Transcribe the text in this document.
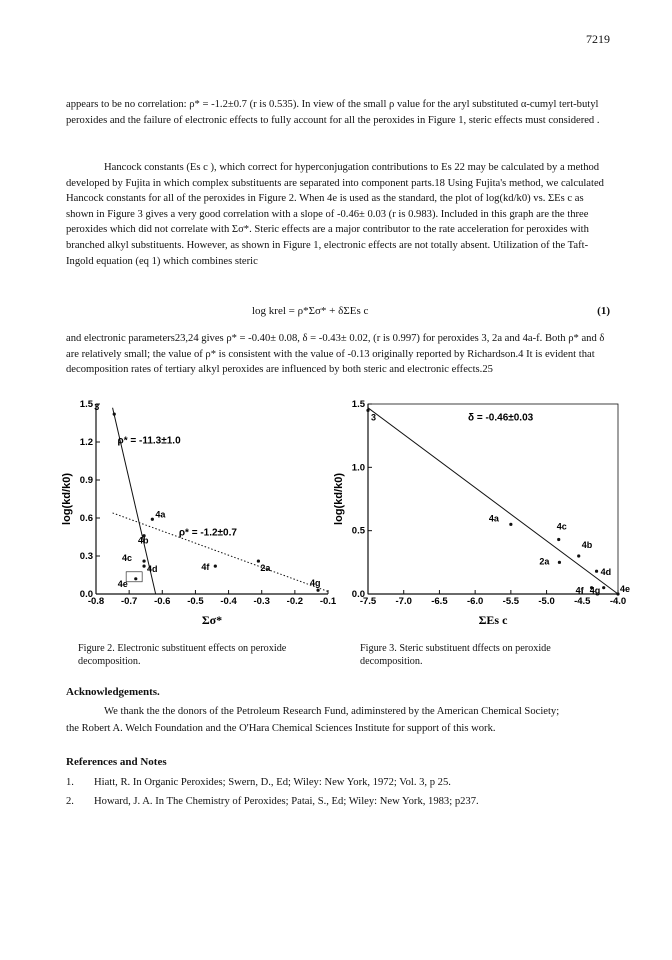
7219

appears to be no correlation: ρ* = -1.2±0.7 (r is 0.535). In view of the small ρ value for the aryl substituted α-cumyl tert-butyl peroxides and the failure of electronic effects to fully account for all the peroxides in Figure 1, steric effects must considered .

Hancock constants (Es c ), which correct for hyperconjugation contributions to Es 22 may be calculated by a method developed by Fujita in which complex substituents are separated into component parts.18 Using Fujita's method, we calculated Hancock constants for all of the peroxides in Figure 2. When 4e is used as the standard, the plot of log(kd/k0) vs. ΣEs c as shown in Figure 3 gives a very good correlation with a slope of -0.46± 0.03 (r is 0.983). Included in this graph are the three peroxides which did not correlate with Σσ*. Steric effects are a major contributor to the rate acceleration for peroxides with branched alkyl substituents. However, as shown in Figure 1, electronic effects are not totally absent. Utilization of the Taft-Ingold equation (eq 1) which combines steric

log krel = ρ*Σσ* + δΣEs c	(1)

and electronic parameters23,24 gives ρ* = -0.40± 0.08, δ = -0.43± 0.02, (r is 0.997) for peroxides 3, 2a and 4a-f. Both ρ* and δ are relatively small; the value of ρ* is consistent with the value of -0.13 originally reported by Richardson.4 It is evident that decomposition rates of tertiary alkyl peroxides are influenced by both steric and electronic effects.25

-0.8 -0.7 -0.6 -0.5 -0.4 -0.3 -0.2 -0.1
0.0
0.3
0.6
0.9
1.2
1.5 3
4a
4b
4c
4d
4e
4f	2a
4g
Σσ*
log(kd/k0)
ρ* = -11.3±1.0
ρ* = -1.2±0.7
Figure 2. Electronic substituent effects on peroxide decomposition.
-7.5 -7.0 -6.5 -6.0 -5.5 -5.0 -4.5 -4.0
0.0
0.5
1.0
1.5
3
4a
4c
2a
4b
4d
4f 4g 4e
ΣEs c
log(kd/k0)
δ = -0.46±0.03
Figure 3. Steric substituent dffects on peroxide decomposition.
Acknowledgements.
We thank the the donors of the Petroleum Research Fund, adiminstered by the American Chemical Society;
the Robert A. Welch Foundation and the O'Hara Chemical Sciences Institute for support of this work.
References and Notes
1. Hiatt, R. In Organic Peroxides; Swern, D., Ed; Wiley: New York, 1972; Vol. 3, p 25.
2. Howard, J. A. In The Chemistry of Peroxides; Patai, S., Ed; Wiley: New York, 1983; p237.
